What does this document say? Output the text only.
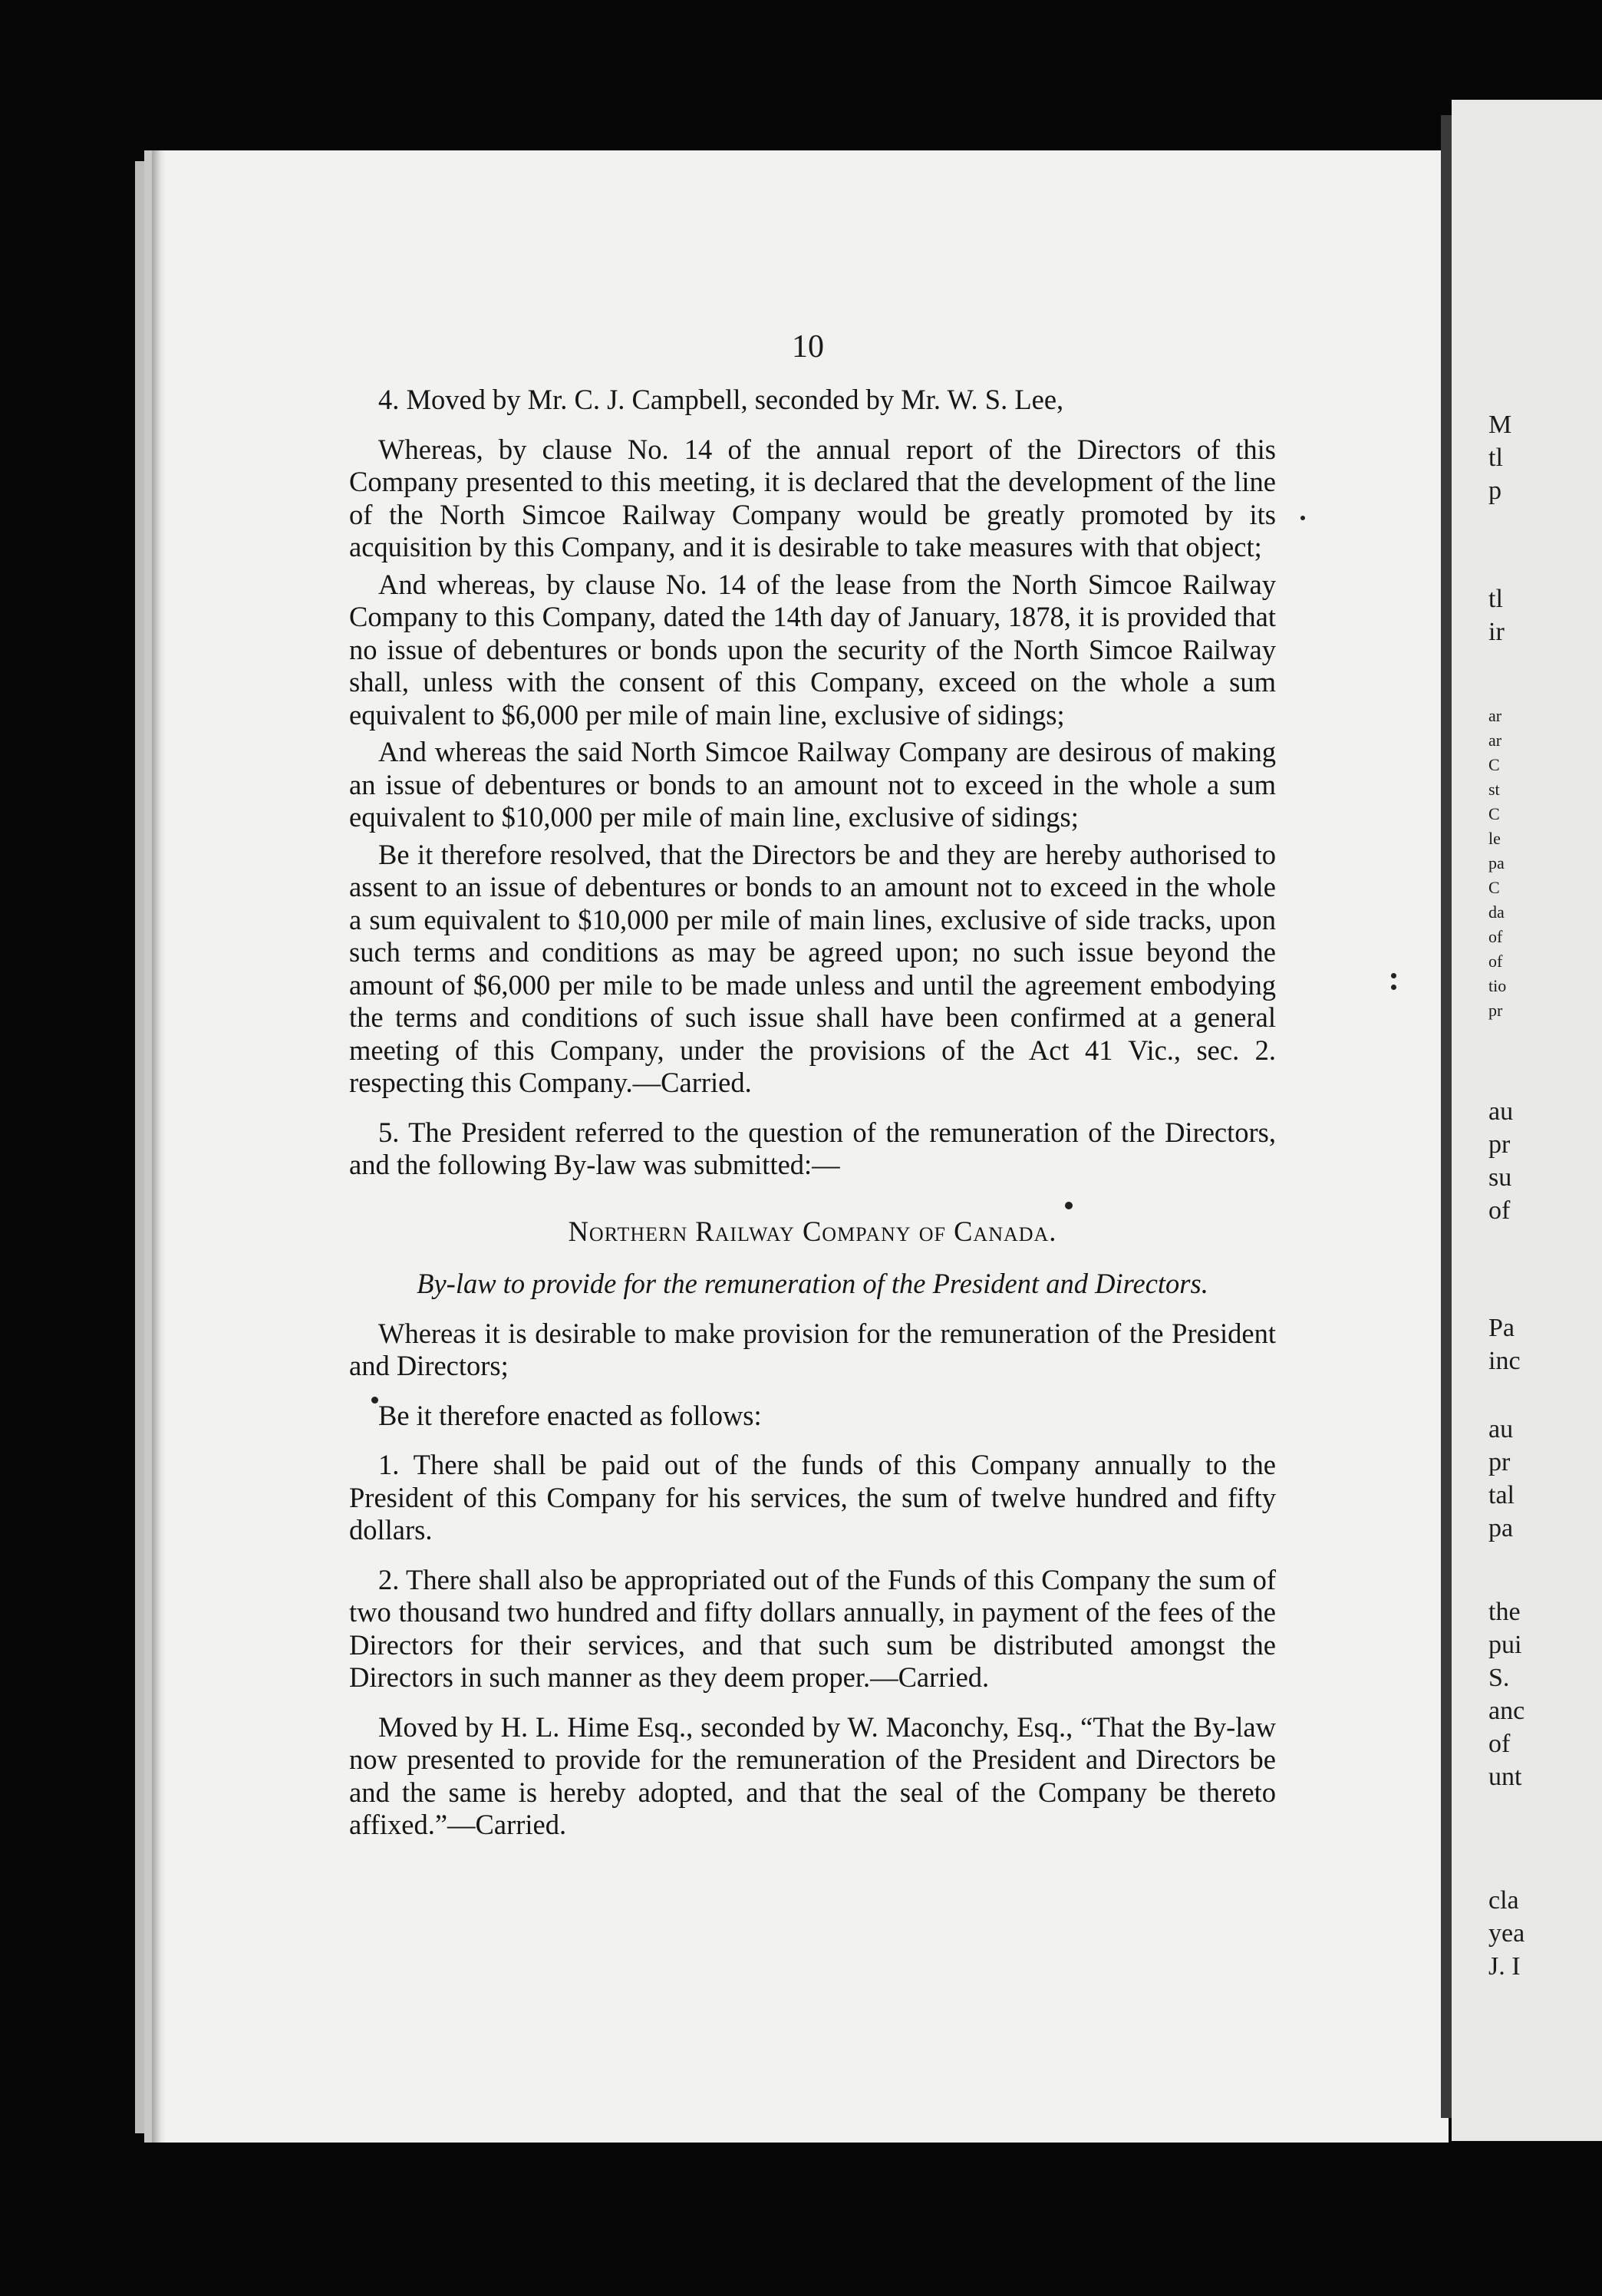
M

tl

p

tl

ir

ar

ar

C

st

C

le

pa

C

da

of

of

tio

pr

au

pr

su

of

Pa

inc

au

pr

tal

pa

the

pui

S.

anc

of

unt

cla

yea

J. I

10

4. Moved by Mr. C. J. Campbell, seconded by Mr. W. S. Lee,

Whereas, by clause No. 14 of the annual report of the Directors of this Company presented to this meeting, it is declared that the development of the line of the North Simcoe Railway Company would be greatly promoted by its acquisition by this Company, and it is desirable to take measures with that object;

And whereas, by clause No. 14 of the lease from the North Simcoe Railway Company to this Company, dated the 14th day of January, 1878, it is provided that no issue of debentures or bonds upon the security of the North Simcoe Railway shall, unless with the consent of this Company, exceed on the whole a sum equivalent to $6,000 per mile of main line, exclusive of sidings;

And whereas the said North Simcoe Railway Company are desirous of making an issue of debentures or bonds to an amount not to exceed in the whole a sum equivalent to $10,000 per mile of main line, exclusive of sidings;

Be it therefore resolved, that the Directors be and they are hereby authorised to assent to an issue of debentures or bonds to an amount not to exceed in the whole a sum equivalent to $10,000 per mile of main lines, exclusive of side tracks, upon such terms and conditions as may be agreed upon; no such issue beyond the amount of $6,000 per mile to be made unless and until the agreement embodying the terms and conditions of such issue shall have been confirmed at a general meeting of this Company, under the provisions of the Act 41 Vic., sec. 2. respecting this Company.—Carried.

5. The President referred to the question of the remuneration of the Directors, and the following By-law was submitted:—

Northern Railway Company of Canada.

By-law to provide for the remuneration of the President and Directors.

Whereas it is desirable to make provision for the remuneration of the President and Directors;

Be it therefore enacted as follows:

1. There shall be paid out of the funds of this Company annually to the President of this Company for his services, the sum of twelve hundred and fifty dollars.

2. There shall also be appropriated out of the Funds of this Company the sum of two thousand two hundred and fifty dollars annually, in payment of the fees of the Directors for their services, and that such sum be distributed amongst the Directors in such manner as they deem proper.—Carried.

Moved by H. L. Hime Esq., seconded by W. Maconchy, Esq., “That the By-law now presented to provide for the remuneration of the President and Directors be and the same is hereby adopted, and that the seal of the Company be thereto affixed.”—Carried.
